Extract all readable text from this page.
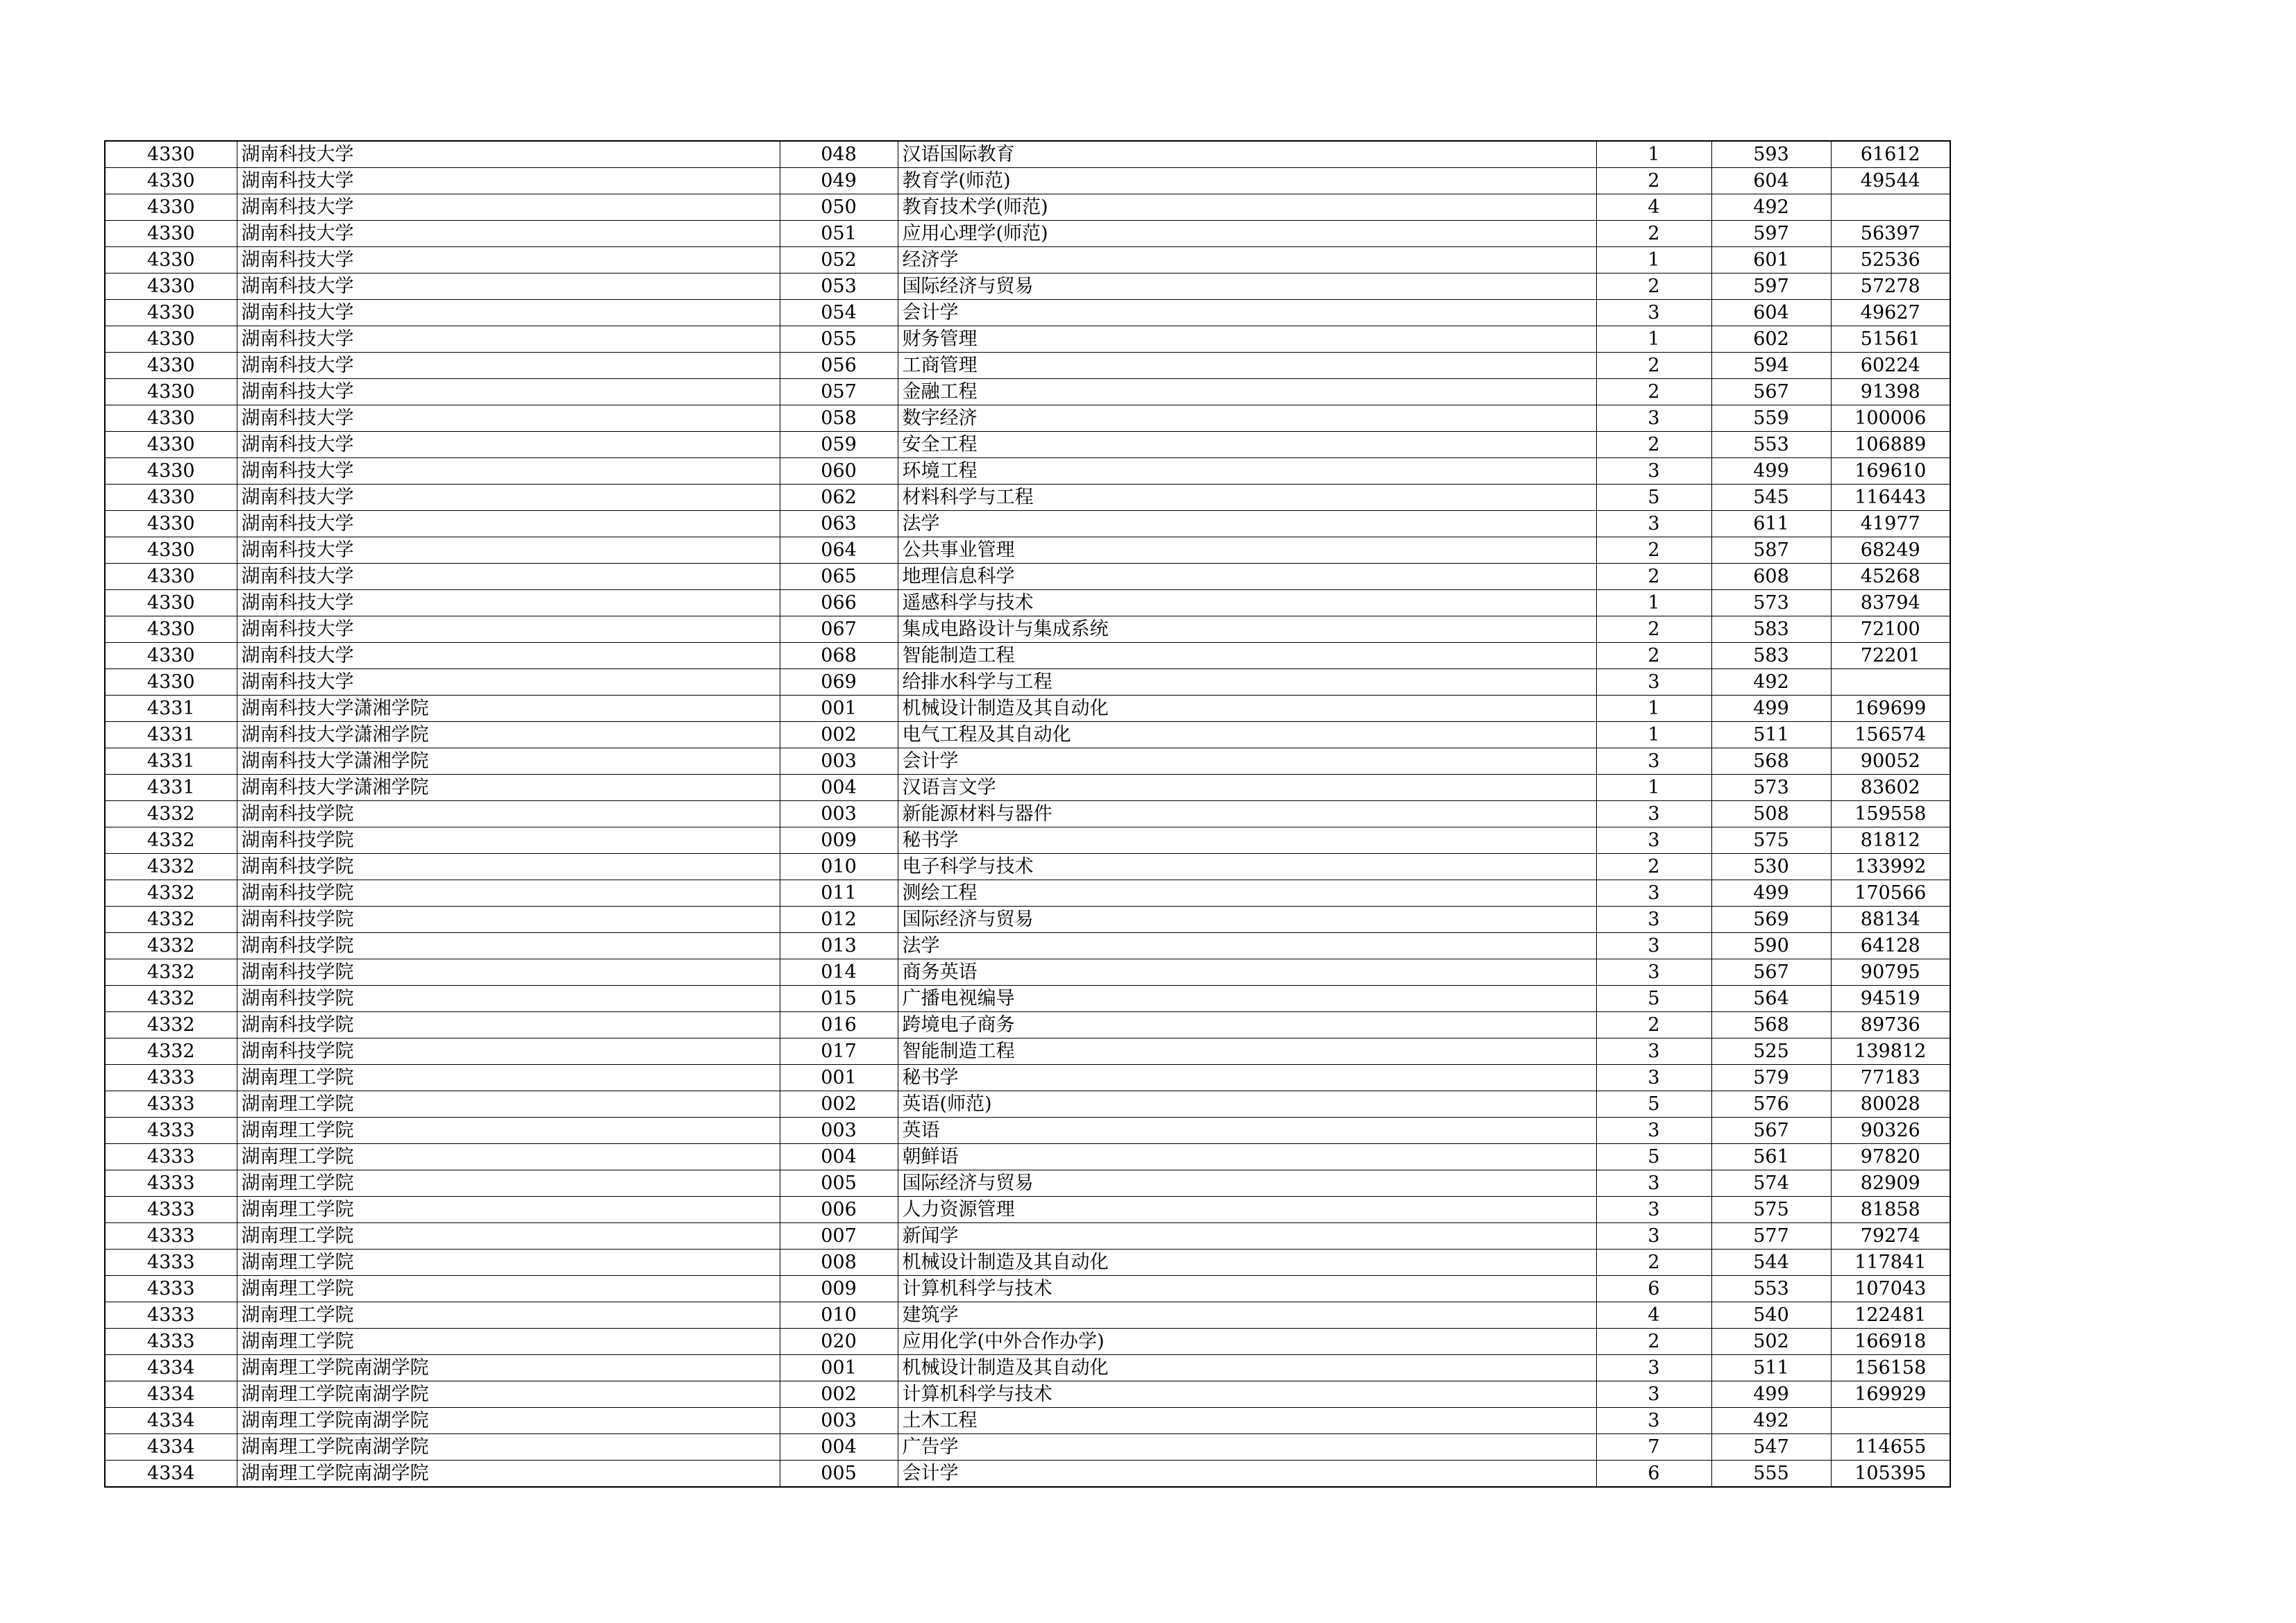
4330	湖南科技大学	048	汉语国际教育	1	593	61612
4330	湖南科技大学	049	教育学(师范)	2	604	49544
4330	湖南科技大学	050	教育技术学(师范)	4	492	
4330	湖南科技大学	051	应用心理学(师范)	2	597	56397
4330	湖南科技大学	052	经济学	1	601	52536
4330	湖南科技大学	053	国际经济与贸易	2	597	57278
4330	湖南科技大学	054	会计学	3	604	49627
4330	湖南科技大学	055	财务管理	1	602	51561
4330	湖南科技大学	056	工商管理	2	594	60224
4330	湖南科技大学	057	金融工程	2	567	91398
4330	湖南科技大学	058	数字经济	3	559	100006
4330	湖南科技大学	059	安全工程	2	553	106889
4330	湖南科技大学	060	环境工程	3	499	169610
4330	湖南科技大学	062	材料科学与工程	5	545	116443
4330	湖南科技大学	063	法学	3	611	41977
4330	湖南科技大学	064	公共事业管理	2	587	68249
4330	湖南科技大学	065	地理信息科学	2	608	45268
4330	湖南科技大学	066	遥感科学与技术	1	573	83794
4330	湖南科技大学	067	集成电路设计与集成系统	2	583	72100
4330	湖南科技大学	068	智能制造工程	2	583	72201
4330	湖南科技大学	069	给排水科学与工程	3	492	
4331	湖南科技大学潇湘学院	001	机械设计制造及其自动化	1	499	169699
4331	湖南科技大学潇湘学院	002	电气工程及其自动化	1	511	156574
4331	湖南科技大学潇湘学院	003	会计学	3	568	90052
4331	湖南科技大学潇湘学院	004	汉语言文学	1	573	83602
4332	湖南科技学院	003	新能源材料与器件	3	508	159558
4332	湖南科技学院	009	秘书学	3	575	81812
4332	湖南科技学院	010	电子科学与技术	2	530	133992
4332	湖南科技学院	011	测绘工程	3	499	170566
4332	湖南科技学院	012	国际经济与贸易	3	569	88134
4332	湖南科技学院	013	法学	3	590	64128
4332	湖南科技学院	014	商务英语	3	567	90795
4332	湖南科技学院	015	广播电视编导	5	564	94519
4332	湖南科技学院	016	跨境电子商务	2	568	89736
4332	湖南科技学院	017	智能制造工程	3	525	139812
4333	湖南理工学院	001	秘书学	3	579	77183
4333	湖南理工学院	002	英语(师范)	5	576	80028
4333	湖南理工学院	003	英语	3	567	90326
4333	湖南理工学院	004	朝鲜语	5	561	97820
4333	湖南理工学院	005	国际经济与贸易	3	574	82909
4333	湖南理工学院	006	人力资源管理	3	575	81858
4333	湖南理工学院	007	新闻学	3	577	79274
4333	湖南理工学院	008	机械设计制造及其自动化	2	544	117841
4333	湖南理工学院	009	计算机科学与技术	6	553	107043
4333	湖南理工学院	010	建筑学	4	540	122481
4333	湖南理工学院	020	应用化学(中外合作办学)	2	502	166918
4334	湖南理工学院南湖学院	001	机械设计制造及其自动化	3	511	156158
4334	湖南理工学院南湖学院	002	计算机科学与技术	3	499	169929
4334	湖南理工学院南湖学院	003	土木工程	3	492	
4334	湖南理工学院南湖学院	004	广告学	7	547	114655
4334	湖南理工学院南湖学院	005	会计学	6	555	105395
